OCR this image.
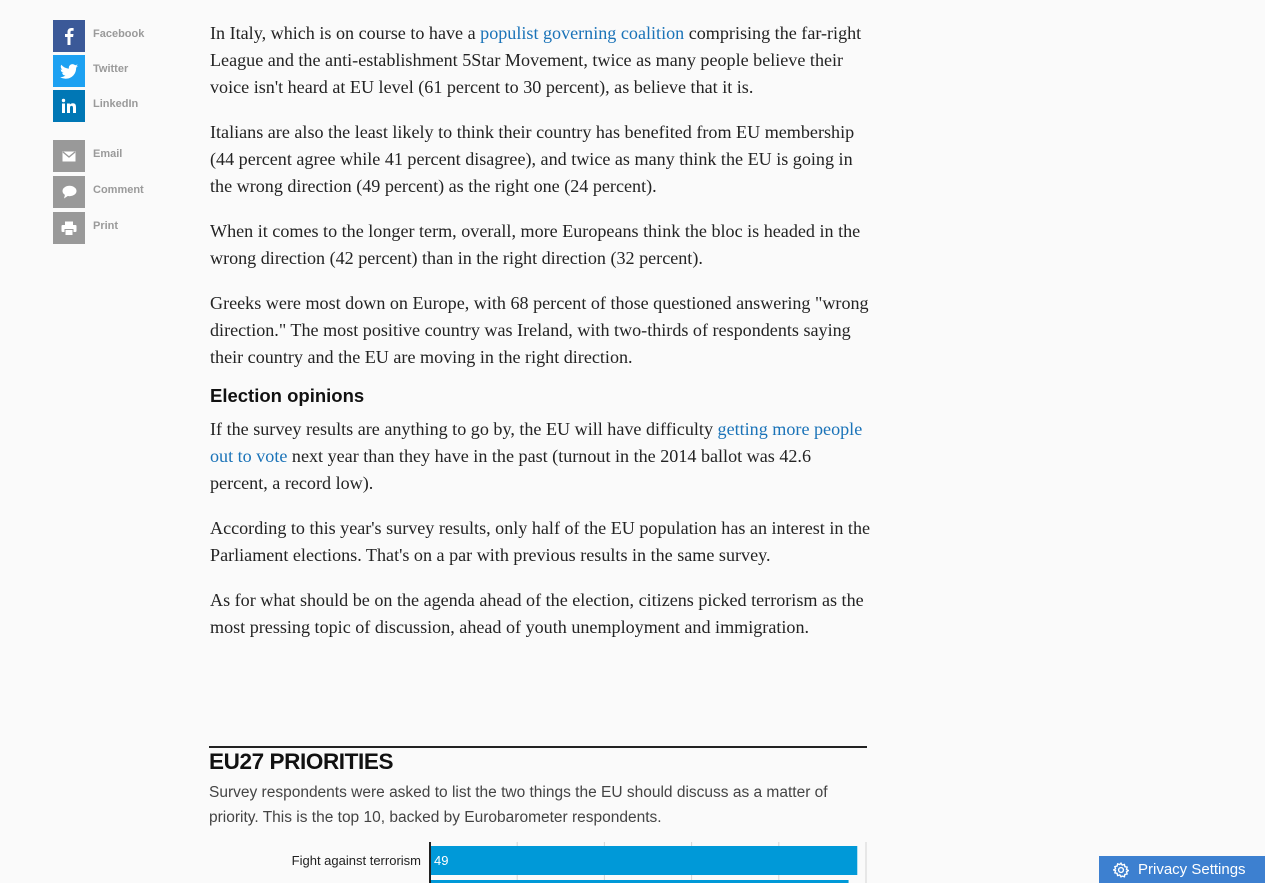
Facebook
Twitter
LinkedIn
Email
Comment
Print

In Italy, which is on course to have a populist governing coalition comprising the far-right League and the anti-establishment 5Star Movement, twice as many people believe their voice isn't heard at EU level (61 percent to 30 percent), as believe that it is.

Italians are also the least likely to think their country has benefited from EU membership (44 percent agree while 41 percent disagree), and twice as many think the EU is going in the wrong direction (49 percent) as the right one (24 percent).

When it comes to the longer term, overall, more Europeans think the bloc is headed in the wrong direction (42 percent) than in the right direction (32 percent).

Greeks were most down on Europe, with 68 percent of those questioned answering "wrong direction." The most positive country was Ireland, with two-thirds of respondents saying their country and the EU are moving in the right direction.

Election opinions

If the survey results are anything to go by, the EU will have difficulty getting more people out to vote next year than they have in the past (turnout in the 2014 ballot was 42.6 percent, a record low).

According to this year's survey results, only half of the EU population has an interest in the Parliament elections. That's on a par with previous results in the same survey.

As for what should be on the agenda ahead of the election, citizens picked terrorism as the most pressing topic of discussion, ahead of youth unemployment and immigration.

EU27 PRIORITIES
Survey respondents were asked to list the two things the EU should discuss as a matter of priority. This is the top 10, backed by Eurobarometer respondents.
Fight against terrorism 49
Privacy Settings
